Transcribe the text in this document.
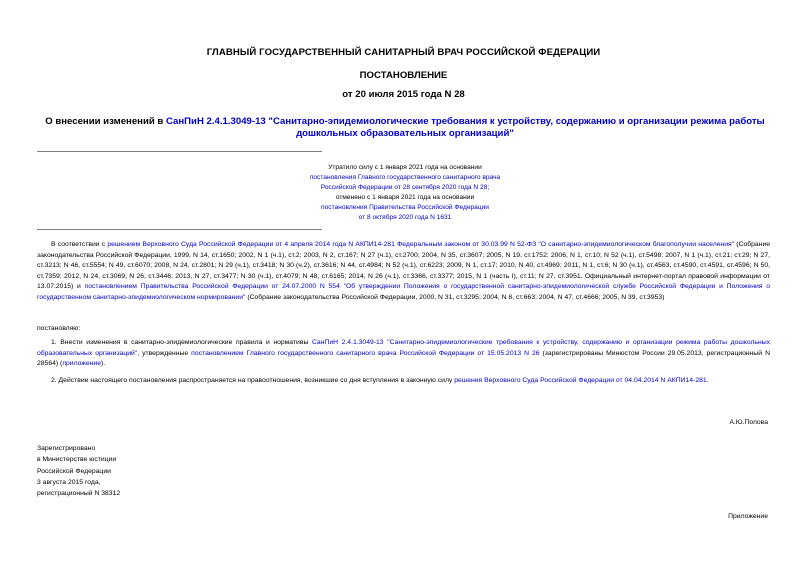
ГЛАВНЫЙ ГОСУДАРСТВЕННЫЙ САНИТАРНЫЙ ВРАЧ РОССИЙСКОЙ ФЕДЕРАЦИИ
ПОСТАНОВЛЕНИЕ
от 20 июля 2015 года N 28
О внесении изменений в СанПиН 2.4.1.3049-13 "Санитарно-эпидемиологические требования к устройству, содержанию и организации режима работы дошкольных образовательных организаций"
Утратило силу с 1 января 2021 года на основании
постановления Главного государственного санитарного врача
Российской Федерации от 28 сентября 2020 года N 28;
отменено с 1 января 2021 года на основании
постановления Правительства Российской Федерации
от 8 октября 2020 года N 1631
В соответствии с решением Верховного Суда Российской Федерации от 4 апреля 2014 года N АКПИ14-281 Федеральным законом от 30.03.99 N 52-ФЗ "О санитарно-эпидемиологическом благополучии населения" (Собрание законодательства Российской Федерации, 1999, N 14, ст.1650; 2002, N 1 (ч.1), ст.2; 2003, N 2, ст.167; N 27 (ч.1), ст.2700; 2004, N 35, ст.3607; 2005, N 19, ст.1752; 2006, N 1, ст.10; N 52 (ч.1), ст.5498; 2007, N 1 (ч.1), ст.21; ст.29; N 27, ст.3213; N 46, ст.5554; N 49, ст.6070; 2008, N 24, ст.2801; N 29 (ч.1), ст.3418; N 30 (ч.2), ст.3616; N 44, ст.4984; N 52 (ч.1), ст.6223; 2009, N 1, ст.17; 2010, N 40, ст.4969; 2011, N 1, ст.6; N 30 (ч.1), ст.4563, ст.4590, ст.4591, ст.4596; N 50, ст.7359; 2012, N 24, ст.3069; N 26, ст.3446; 2013, N 27, ст.3477; N 30 (ч.1), ст.4079; N 48, ст.6165; 2014, N 26 (ч.1), ст.3366, ст.3377; 2015, N 1 (часть I), ст.11; N 27, ст.3951. Официальный интернет-портал правовой информации от 13.07.2015) и постановлением Правительства Российской Федерации от 24.07.2000 N 554 "Об утверждении Положения о государственной санитарно-эпидемиологической службе Российской Федерации и Положения о государственном санитарно-эпидемиологическом нормировании" (Собрание законодательства Российской Федерации, 2000, N 31, ст.3295; 2004, N 8, ст.663; 2004, N 47, ст.4666; 2005, N 39, ст.3953)
постановляю:
1. Внести изменения в санитарно-эпидемиологические правила и нормативы СанПиН 2.4.1.3049-13 "Санитарно-эпидемиологические требования к устройству, содержанию и организации режима работы дошкольных образовательных организаций", утвержденные постановлением Главного государственного санитарного врача Российской Федерации от 15.05.2013 N 26 (зарегистрированы Минюстом России 29.05.2013, регистрационный N 28564) (приложение).
2. Действие настоящего постановления распространяется на правоотношения, возникшие со дня вступления в законную силу решения Верховного Суда Российской Федерации от 04.04.2014 N АКПИ14-281.
А.Ю.Попова
Зарегистрировано
в Министерстве юстиции
Российской Федерации
3 августа 2015 года,
регистрационный N 38312
Приложение
